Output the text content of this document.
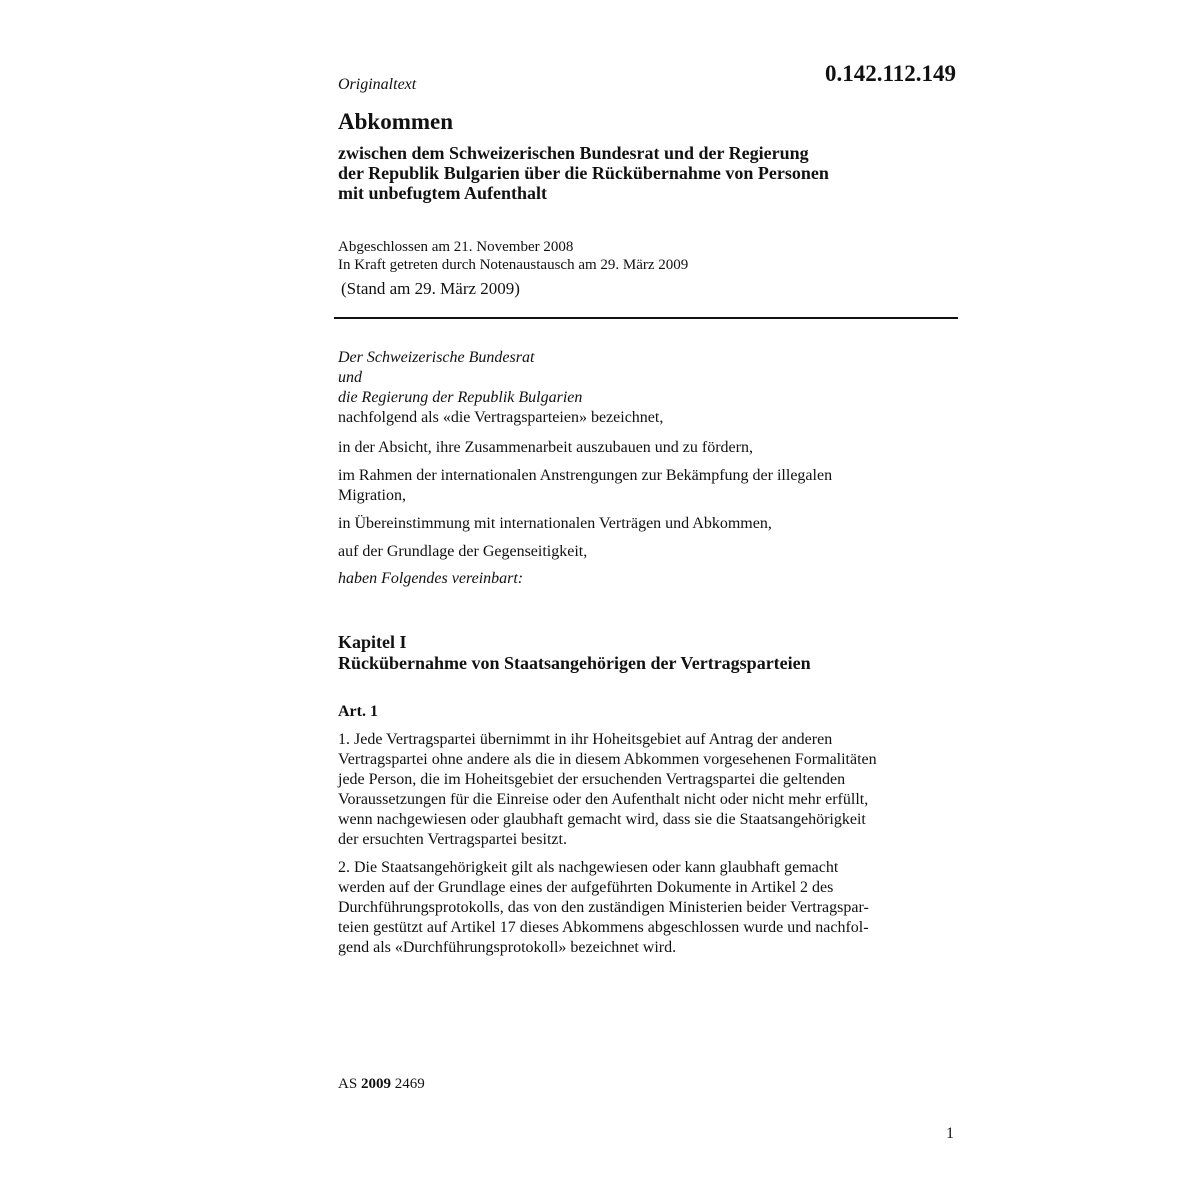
0.142.112.149
Originaltext
Abkommen
zwischen dem Schweizerischen Bundesrat und der Regierung
der Republik Bulgarien über die Rückübernahme von Personen
mit unbefugtem Aufenthalt
Abgeschlossen am 21. November 2008
In Kraft getreten durch Notenaustausch am 29. März 2009
(Stand am 29. März 2009)
Der Schweizerische Bundesrat
und
die Regierung der Republik Bulgarien
nachfolgend als «die Vertragsparteien» bezeichnet,
in der Absicht, ihre Zusammenarbeit auszubauen und zu fördern,
im Rahmen der internationalen Anstrengungen zur Bekämpfung der illegalen
Migration,
in Übereinstimmung mit internationalen Verträgen und Abkommen,
auf der Grundlage der Gegenseitigkeit,
haben Folgendes vereinbart:
Kapitel I
Rückübernahme von Staatsangehörigen der Vertragsparteien
Art. 1
1. Jede Vertragspartei übernimmt in ihr Hoheitsgebiet auf Antrag der anderen
Vertragspartei ohne andere als die in diesem Abkommen vorgesehenen Formalitäten
jede Person, die im Hoheitsgebiet der ersuchenden Vertragspartei die geltenden
Voraussetzungen für die Einreise oder den Aufenthalt nicht oder nicht mehr erfüllt,
wenn nachgewiesen oder glaubhaft gemacht wird, dass sie die Staatsangehörigkeit
der ersuchten Vertragspartei besitzt.
2. Die Staatsangehörigkeit gilt als nachgewiesen oder kann glaubhaft gemacht
werden auf der Grundlage eines der aufgeführten Dokumente in Artikel 2 des
Durchführungsprotokolls, das von den zuständigen Ministerien beider Vertragspar-
teien gestützt auf Artikel 17 dieses Abkommens abgeschlossen wurde und nachfol-
gend als «Durchführungsprotokoll» bezeichnet wird.
AS 2009 2469
1
